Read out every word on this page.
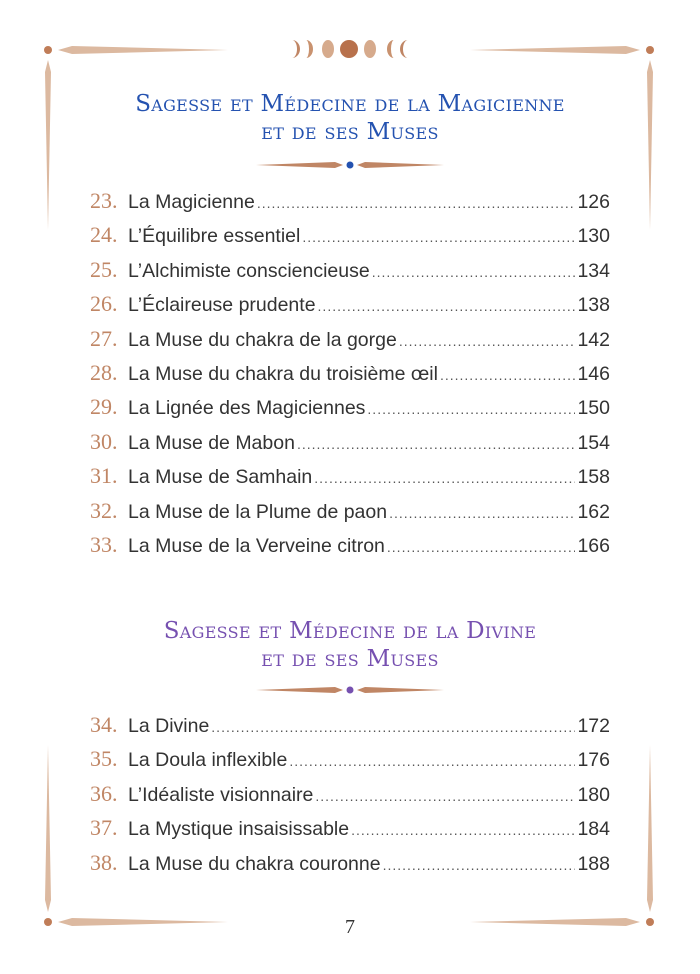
Sagesse et Médecine de la Magicienne
et de ses Muses
23. La Magicienne .....	126
24. L’Équilibre essentiel .....	130
25. L’Alchimiste consciencieuse .....	134
26. L’Éclaireuse prudente .....	138
27. La Muse du chakra de la gorge .....	142
28. La Muse du chakra du troisième œil .....	146
29. La Lignée des Magiciennes .....	150
30. La Muse de Mabon .....	154
31. La Muse de Samhain .....	158
32. La Muse de la Plume de paon .....	162
33. La Muse de la Verveine citron .....	166
Sagesse et Médecine de la Divine
et de ses Muses
34. La Divine .....	172
35. La Doula inflexible .....	176
36. L’Idéaliste visionnaire .....	180
37. La Mystique insaisissable .....	184
38. La Muse du chakra couronne .....	188
7
